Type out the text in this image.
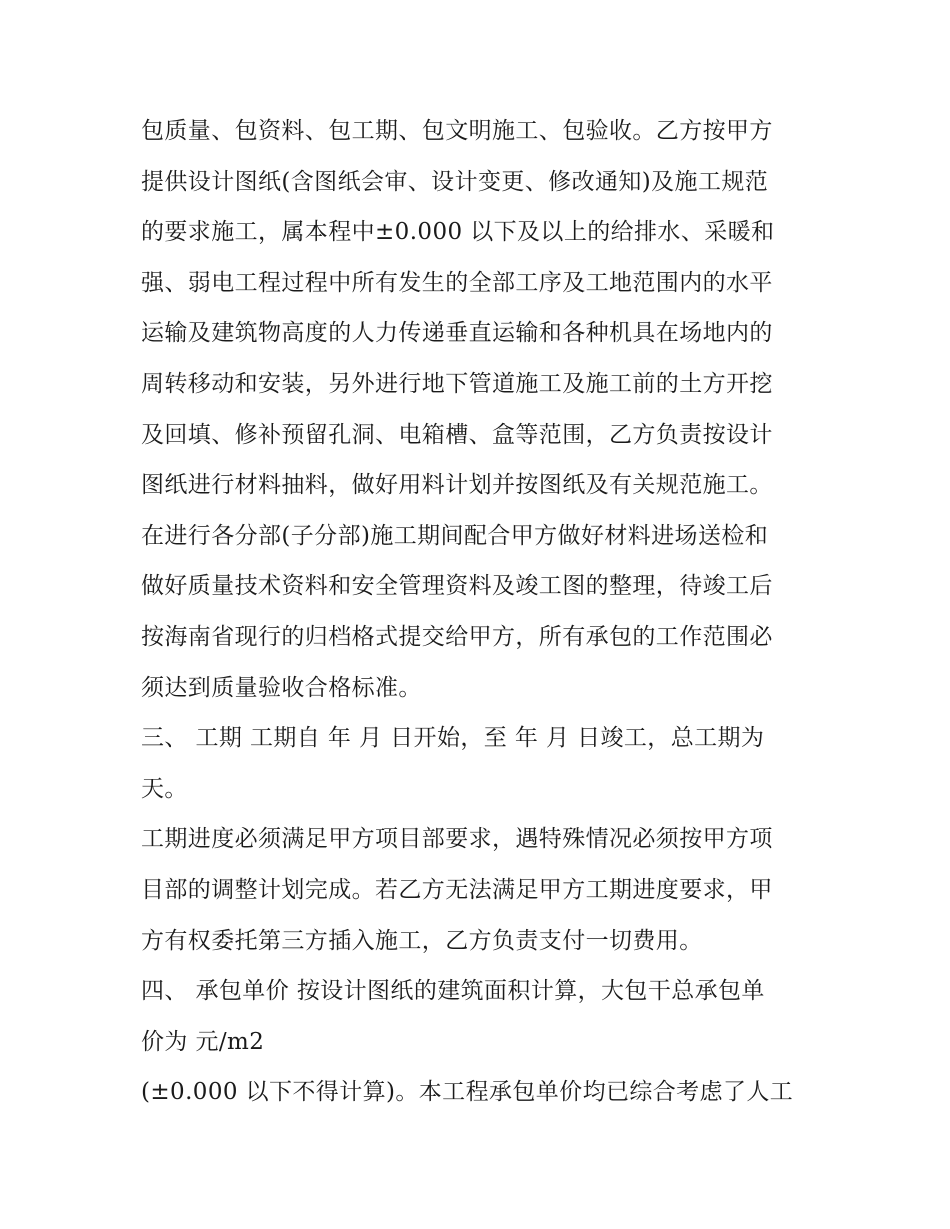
包质量、包资料、包工期、包文明施工、包验收。乙方按甲方
提供设计图纸(含图纸会审、设计变更、修改通知)及施工规范
的要求施工，属本程中±0.000 以下及以上的给排水、采暖和
强、弱电工程过程中所有发生的全部工序及工地范围内的水平
运输及建筑物高度的人力传递垂直运输和各种机具在场地内的
周转移动和安装，另外进行地下管道施工及施工前的土方开挖
及回填、修补预留孔洞、电箱槽、盒等范围，乙方负责按设计
图纸进行材料抽料，做好用料计划并按图纸及有关规范施工。
在进行各分部(子分部)施工期间配合甲方做好材料进场送检和
做好质量技术资料和安全管理资料及竣工图的整理，待竣工后
按海南省现行的归档格式提交给甲方，所有承包的工作范围必
须达到质量验收合格标准。
三、 工期 工期自 年 月 日开始，至 年 月 日竣工，总工期为
天。
工期进度必须满足甲方项目部要求，遇特殊情况必须按甲方项
目部的调整计划完成。若乙方无法满足甲方工期进度要求，甲
方有权委托第三方插入施工，乙方负责支付一切费用。
四、 承包单价 按设计图纸的建筑面积计算，大包干总承包单
价为 元/m2
(±0.000 以下不得计算)。本工程承包单价均已综合考虑了人工
